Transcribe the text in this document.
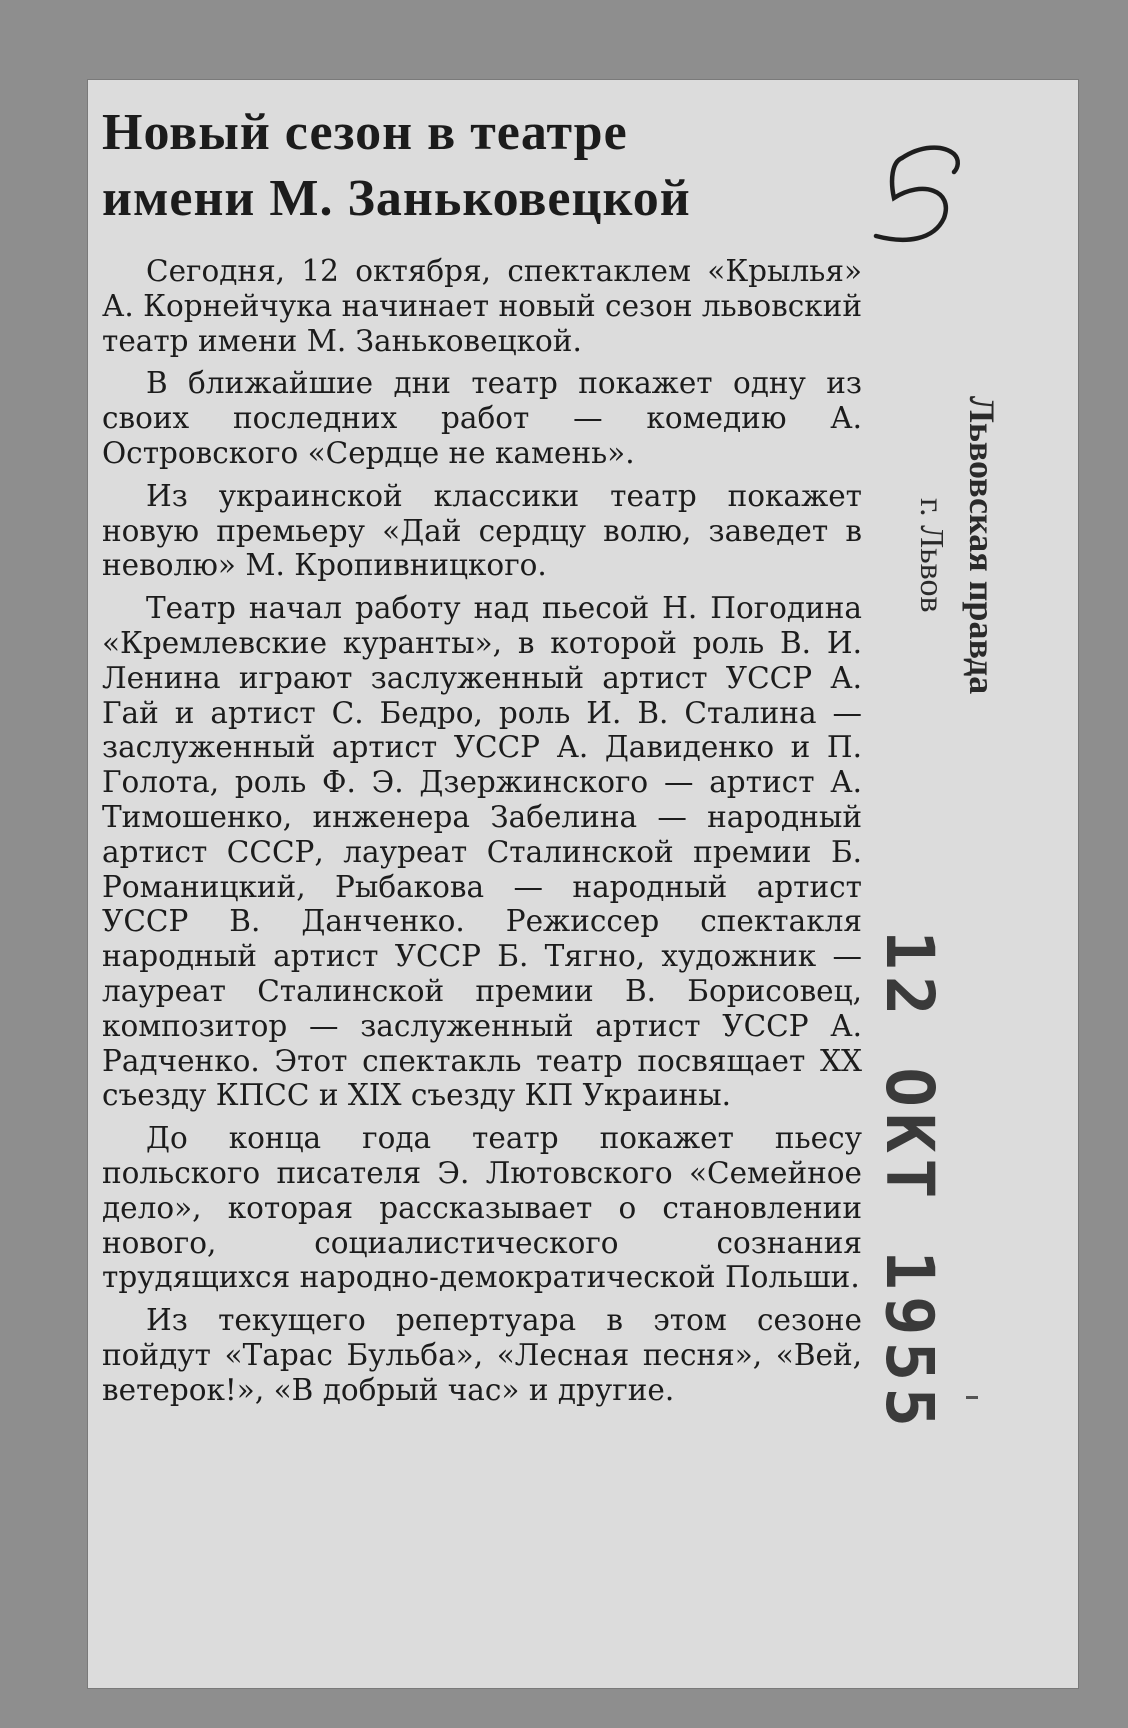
Новый сезон в театре
имени М. Заньковецкой

Сегодня, 12 октября, спектаклем «Крылья» А. Корнейчука начинает новый сезон львовский театр имени М. Заньковецкой.

В ближайшие дни театр покажет одну из своих последних работ — комедию А. Островского «Сердце не камень».

Из украинской классики театр покажет новую премьеру «Дай сердцу волю, заведет в неволю» М. Кропивницкого.

Театр начал работу над пьесой Н. Погодина «Кремлевские куранты», в которой роль В. И. Ленина играют заслуженный артист УССР А. Гай и артист С. Бедро, роль И. В. Сталина — заслуженный артист УССР А. Давиденко и П. Голота, роль Ф. Э. Дзержинского — артист А. Тимошенко, инженера Забелина — народный артист СССР, лауреат Сталинской премии Б. Романицкий, Рыбакова — народный артист УССР В. Данченко. Режиссер спектакля народный артист УССР Б. Тягно, художник — лауреат Сталинской премии В. Борисовец, композитор — заслуженный артист УССР А. Радченко. Этот спектакль театр посвящает XX съезду КПСС и XIX съезду КП Украины.

До конца года театр покажет пьесу польского писателя Э. Лютовского «Семейное дело», которая рассказывает о становлении нового, социалистического сознания трудящихся народно-демократической Польши.

Из текущего репертуара в этом сезоне пойдут «Тарас Бульба», «Лесная песня», «Вей, ветерок!», «В добрый час» и другие.

Львовская правда
г. Львов
12 ОКТ 1955
